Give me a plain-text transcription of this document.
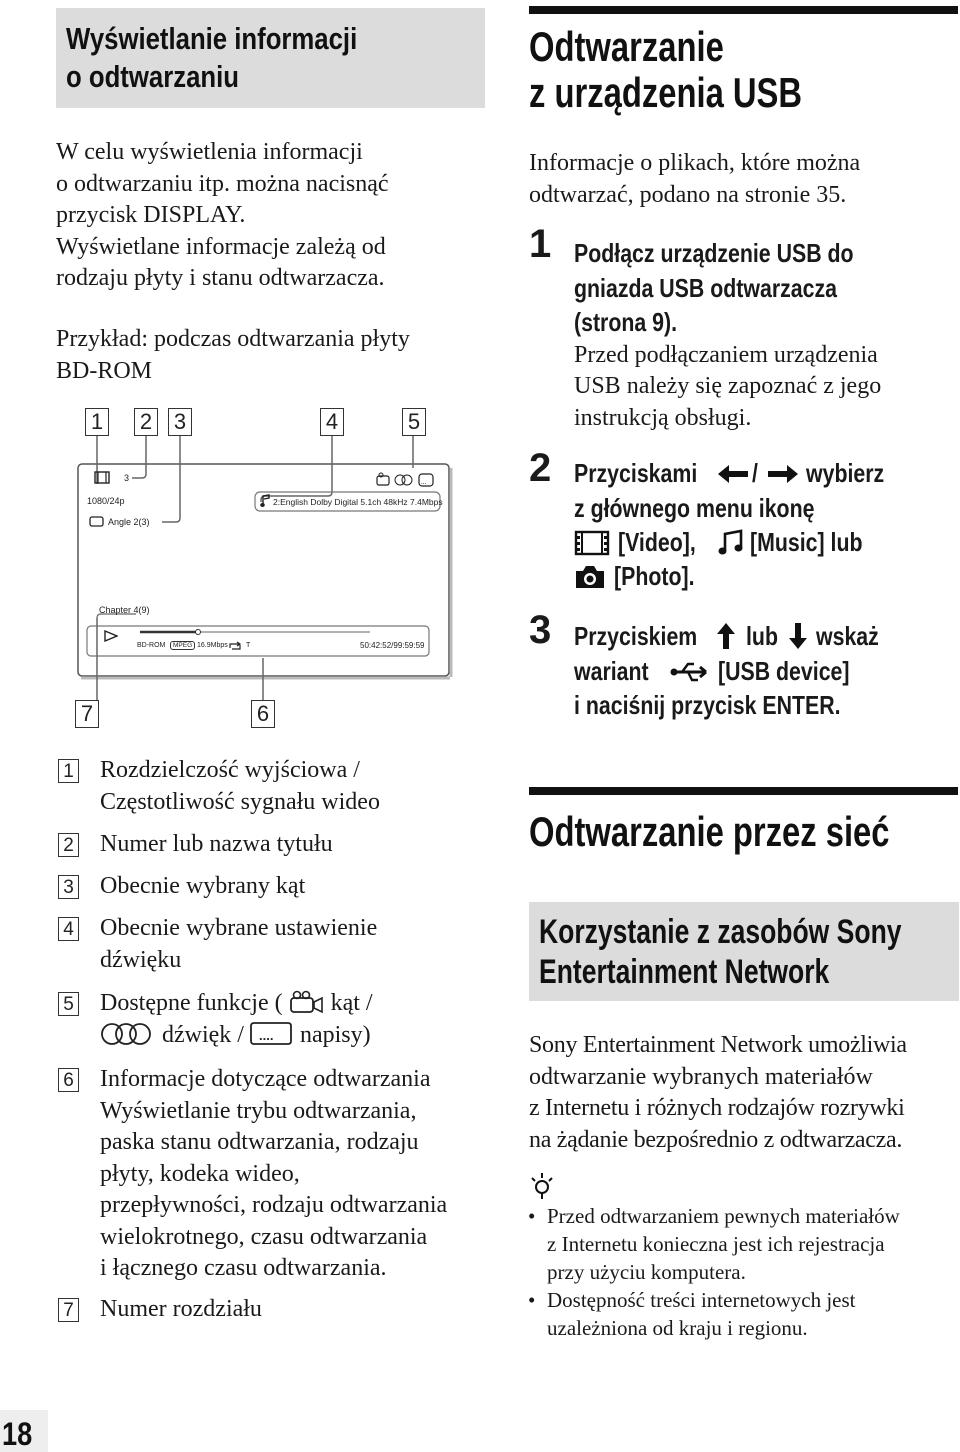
Wyświetlanie informacji
o odtwarzaniu
W celu wyświetlenia informacji
o odtwarzaniu itp. można nacisnąć
przycisk DISPLAY.
Wyświetlane informacje zależą od
rodzaju płyty i stanu odtwarzacza.
Przykład: podczas odtwarzania płyty
BD-ROM
1 2 3	4	5
7	6
3
1080/24p
Angle 2(3)
...
2:English Dolby Digital 5.1ch 48kHz 7.4Mbps
Chapter 4(9)
BD-ROM	MPEG 16.9Mbps	T	50:42:52/99:59:59
1 Rozdzielczość wyjściowa /
Częstotliwość sygnału wideo
2 Numer lub nazwa tytułu
3 Obecnie wybrany kąt
4 Obecnie wybrane ustawienie
dźwięku
5 Dostępne funkcje ( kąt /
dźwięk / .... napisy)
6 Informacje dotyczące odtwarzania
Wyświetlanie trybu odtwarzania,
paska stanu odtwarzania, rodzaju
płyty, kodeka wideo,
przepływności, rodzaju odtwarzania
wielokrotnego, czasu odtwarzania
i łącznego czasu odtwarzania.
7 Numer rozdziału
18
Odtwarzanie
z urządzenia USB
Informacje o plikach, które można
odtwarzać, podano na stronie 35.
1 Podłącz urządzenie USB do
gniazda USB odtwarzacza
(strona 9).
Przed podłączaniem urządzenia
USB należy się zapoznać z jego
instrukcją obsługi.
2 Przyciskami
z głównego menu ikonę
[Video], [Music] lub
[Photo].
/ wybierz
3 Przyciskiem lub wskaż
wariant	[USB device]
i naciśnij przycisk ENTER.
Odtwarzanie przez sieć
Korzystanie z zasobów Sony
Entertainment Network
Sony Entertainment Network umożliwia
odtwarzanie wybranych materiałów
z Internetu i różnych rodzajów rozrywki
na żądanie bezpośrednio z odtwarzacza.
• Przed odtwarzaniem pewnych materiałów
z Internetu konieczna jest ich rejestracja
przy użyciu komputera.
• Dostępność treści internetowych jest
uzależniona od kraju i regionu.
